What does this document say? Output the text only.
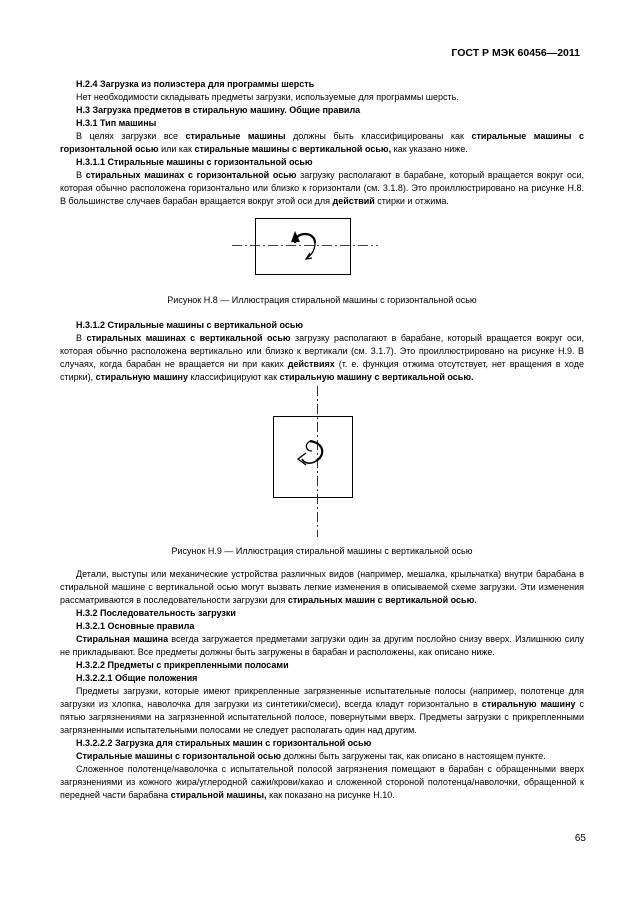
ГОСТ Р МЭК 60456—2011

Н.2.4 Загрузка из полиэстера для программы шерсть

Нет необходимости складывать предметы загрузки, используемые для программы шерсть.

Н.3 Загрузка предметов в стиральную машину. Общие правила

Н.3.1 Тип машины

В целях загрузки все стиральные машины должны быть классифицированы как стиральные машины с горизонтальной осью или как стиральные машины с вертикальной осью, как указано ниже.

Н.3.1.1 Стиральные машины с горизонтальной осью

В стиральных машинах с горизонтальной осью загрузку располагают в барабане, который вращается вокруг оси, которая обычно расположена горизонтально или близко к горизонтали (см. 3.1.8). Это проиллюстрировано на рисунке Н.8. В большинстве случаев барабан вращается вокруг этой оси для действий стирки и отжима.

Рисунок Н.8 — Иллюстрация стиральной машины с горизонтальной осью

Н.3.1.2 Стиральные машины с вертикальной осью

В стиральных машинах с вертикальной осью загрузку располагают в барабане, который вращается вокруг оси, которая обычно расположена вертикально или близко к вертикали (см. 3.1.7). Это проиллюстрировано на рисунке Н.9. В случаях, когда барабан не вращается ни при каких действиях (т. е. функция отжима отсутствует, нет вращения в ходе стирки), стиральную машину классифицируют как стиральную машину с вертикальной осью.

Рисунок Н.9 — Иллюстрация стиральной машины с вертикальной осью

Детали, выступы или механические устройства различных видов (например, мешалка, крыльчатка) внутри барабана в стиральной машине с вертикальной осью могут вызвать легкие изменения в описываемой схеме загрузки. Эти изменения рассматриваются в последовательности загрузки для стиральных машин с вертикальной осью.

Н.3.2 Последовательность загрузки

Н.3.2.1 Основные правила

Стиральная машина всегда загружается предметами загрузки один за другим послойно снизу вверх. Излишнюю силу не прикладывают. Все предметы должны быть загружены в барабан и расположены, как описано ниже.

Н.3.2.2 Предметы с прикрепленными полосами

Н.3.2.2.1 Общие положения

Предметы загрузки, которые имеют прикрепленные загрязненные испытательные полосы (например, полотенце для загрузки из хлопка, наволочка для загрузки из синтетики/смеси), всегда кладут горизонтально в стиральную машину с пятью загрязнениями на загрязненной испытательной полосе, повернутыми вверх. Предметы загрузки с прикрепленными загрязненными испытательными полосами не следует располагать один над другим.

Н.3.2.2.2 Загрузка для стиральных машин с горизонтальной осью

Стиральные машины с горизонтальной осью должны быть загружены так, как описано в настоящем пункте.

Сложенное полотенце/наволочка с испытательной полосой загрязнения помещают в барабан с обращенными вверх загрязнениями из кожного жира/углеродной сажи/крови/какао и сложенной стороной полотенца/наволочки, обращенной к передней части барабана стиральной машины, как показано на рисунке Н.10.

65
